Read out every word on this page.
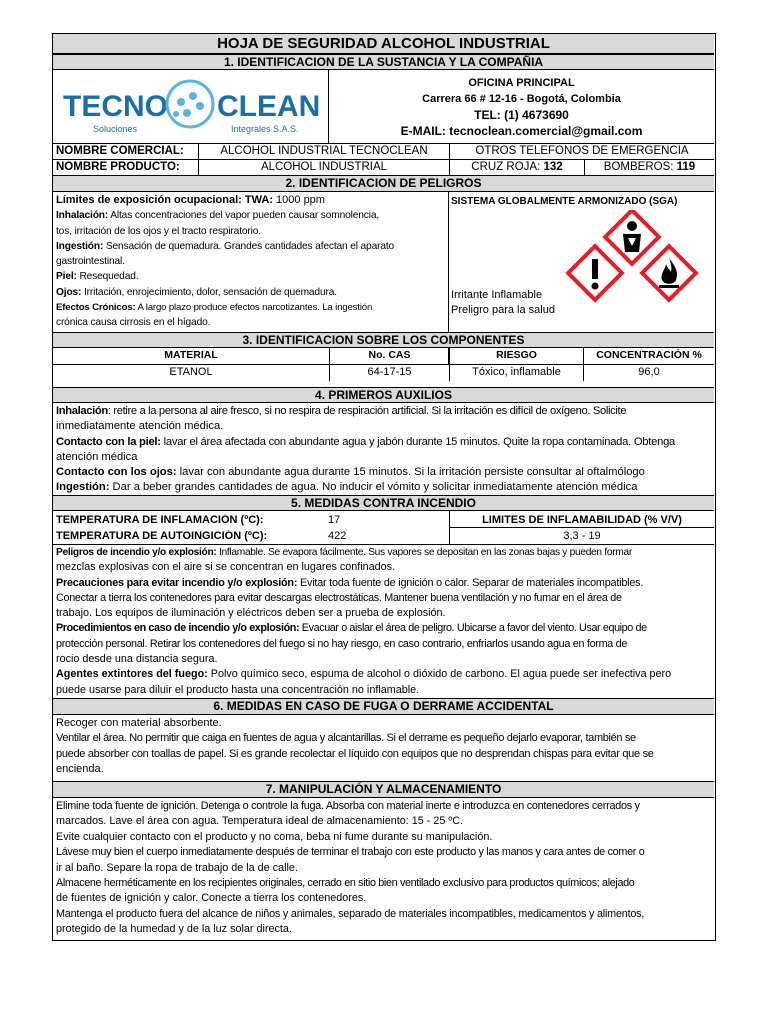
HOJA DE SEGURIDAD ALCOHOL INDUSTRIAL
1. IDENTIFICACION DE LA SUSTANCIA Y LA COMPAÑIA
TECNO CLEAN
Soluciones	Integrales S.A.S.
OFICINA PRINCIPAL
Carrera 66 # 12-16 - Bogotá, Colombia
TEL: (1) 4673690
E-MAIL: tecnoclean.comercial@gmail.com
NOMBRE COMERCIAL:	ALCOHOL INDUSTRIAL TECNOCLEAN	OTROS TELEFONOS DE EMERGENCIA
NOMBRE PRODUCTO:	ALCOHOL INDUSTRIAL	CRUZ ROJA: 132	BOMBEROS: 119
2. IDENTIFICACION DE PELIGROS

Límites de exposición ocupacional: TWA: 1000 ppm

Inhalación: Altas concentraciones del vapor pueden causar somnolencia,

tos, irritación de los ojos y el tracto respiratorio.

Ingestión: Sensación de quemadura. Grandes cantidades afectan el aparato

gastrointestinal.

Piel: Resequedad.

Ojos: Irritación, enrojecimiento, dolor, sensación de quemadura.

Efectos Crónicos: A largo plazo produce efectos narcotizantes. La ingestión

crónica causa cirrosis en el hígado.

SISTEMA GLOBALMENTE ARMONIZADO (SGA)
Irritante Inflamable
Preligro para la salud
3. IDENTIFICACION SOBRE LOS COMPONENTES
MATERIAL	No. CAS	RIESGO	CONCENTRACIÓN %
ETANOL	64-17-15	Tóxico, inflamable	96,0
4. PRIMEROS AUXILIOS

Inhalación: retire a la persona al aire fresco, si no respira de respiración artificial. Si la irritación es difícil de oxígeno. Solicite

inmediatamente atención médica.

Contacto con la piel: lavar el área afectada con abundante agua y jabón durante 15 minutos. Quite la ropa contaminada. Obtenga

atención médica

Contacto con los ojos: lavar con abundante agua durante 15 minutos. Si la irritación persiste consultar al oftalmólogo

Ingestión: Dar a beber grandes cantidades de agua. No inducir el vómito y solicitar inmediatamente atención médica

5. MEDIDAS CONTRA INCENDIO
TEMPERATURA DE INFLAMACIÓN (ºC):	17	LIMITES DE INFLAMABILIDAD (% V/V)
TEMPERATURA DE AUTOINGICIÓN (ºC):	422	3,3 - 19

Peligros de incendio y/o explosión: Inflamable. Se evapora fácilmente. Sus vapores se depositan en las zonas bajas y pueden formar

mezclas explosivas con el aire si se concentran en lugares confinados.

Precauciones para evitar incendio y/o explosión: Evitar toda fuente de ignición o calor. Separar de materiales incompatibles.

Conectar a tierra los contenedores para evitar descargas electrostáticas. Mantener buena ventilación y no fumar en el área de

trabajo. Los equipos de iluminación y eléctricos deben ser a prueba de explosión.

Procedimientos en caso de incendio y/o explosión: Evacuar o aislar el área de peligro. Ubicarse a favor del viento. Usar equipo de

protección personal. Retirar los contenedores del fuego si no hay riesgo, en caso contrario, enfriarlos usando agua en forma de

rocio desde una distancia segura.

Agentes extintores del fuego: Polvo químico seco, espuma de alcohol o dióxido de carbono. El agua puede ser inefectiva pero

puede usarse para diluir el producto hasta una concentración no inflamable.

6. MEDIDAS EN CASO DE FUGA O DERRAME ACCIDENTAL

Recoger con material absorbente.

Ventilar el área. No permitir que caiga en fuentes de agua y alcantarillas. Si el derrame es pequeño dejarlo evaporar, también se

puede absorber con toallas de papel. Si es grande recolectar el líquido con equipos que no desprendan chispas para evitar que se

encienda.

7. MANIPULACIÓN Y ALMACENAMIENTO

Elimine toda fuente de ignición. Detenga o controle la fuga. Absorba con material inerte e introduzca en contenedores cerrados y

marcados. Lave el área con agua. Temperatura ideal de almacenamiento: 15 - 25 ºC.

Evite cualquier contacto con el producto y no coma, beba ni fume durante su manipulación.

Lávese muy bien el cuerpo inmediatamente después de terminar el trabajo con este producto y las manos y cara antes de comer o

ir al baño. Separe la ropa de trabajo de la de calle.

Almacene herméticamente en los recipientes originales, cerrado en sitio bien ventilado exclusivo para productos químicos; alejado

de fuentes de ignición y calor. Conecte a tierra los contenedores.

Mantenga el producto fuera del alcance de niños y animales, separado de materiales incompatibles, medicamentos y alimentos,

protegido de la humedad y de la luz solar directa.
